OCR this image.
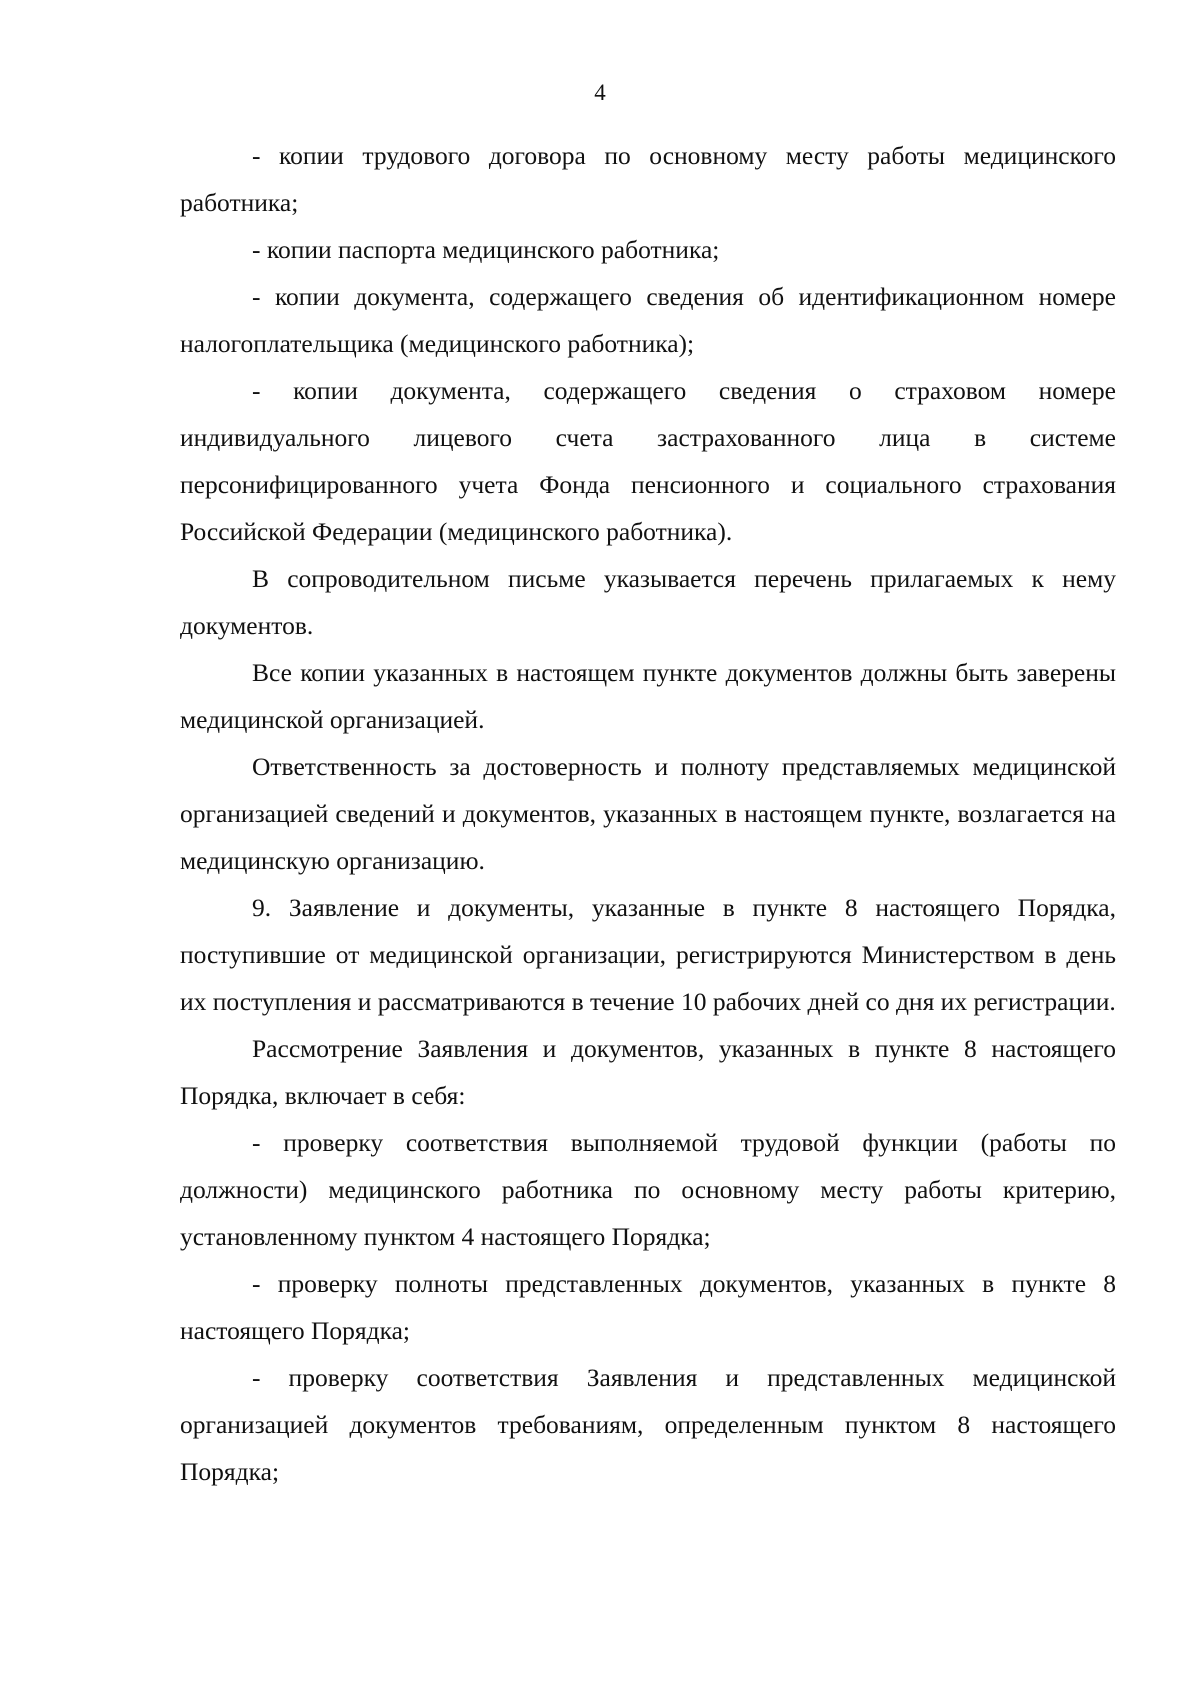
4

- копии трудового договора по основному месту работы медицинского работника;

- копии паспорта медицинского работника;

- копии документа, содержащего сведения об идентификационном номере налогоплательщика (медицинского работника);

- копии документа, содержащего сведения о страховом номере индивидуального лицевого счета застрахованного лица в системе персонифицированного учета Фонда пенсионного и социального страхования Российской Федерации (медицинского работника).

В сопроводительном письме указывается перечень прилагаемых к нему документов.

Все копии указанных в настоящем пункте документов должны быть заверены медицинской организацией.

Ответственность за достоверность и полноту представляемых медицинской организацией сведений и документов, указанных в настоящем пункте, возлагается на медицинскую организацию.

9. Заявление и документы, указанные в пункте 8 настоящего Порядка, поступившие от медицинской организации, регистрируются Министерством в день их поступления и рассматриваются в течение 10 рабочих дней со дня их регистрации.

Рассмотрение Заявления и документов, указанных в пункте 8 настоящего Порядка, включает в себя:

- проверку соответствия выполняемой трудовой функции (работы по должности) медицинского работника по основному месту работы критерию, установленному пунктом 4 настоящего Порядка;

- проверку полноты представленных документов, указанных в пункте 8 настоящего Порядка;

- проверку соответствия Заявления и представленных медицинской организацией документов требованиям, определенным пунктом 8 настоящего Порядка;
